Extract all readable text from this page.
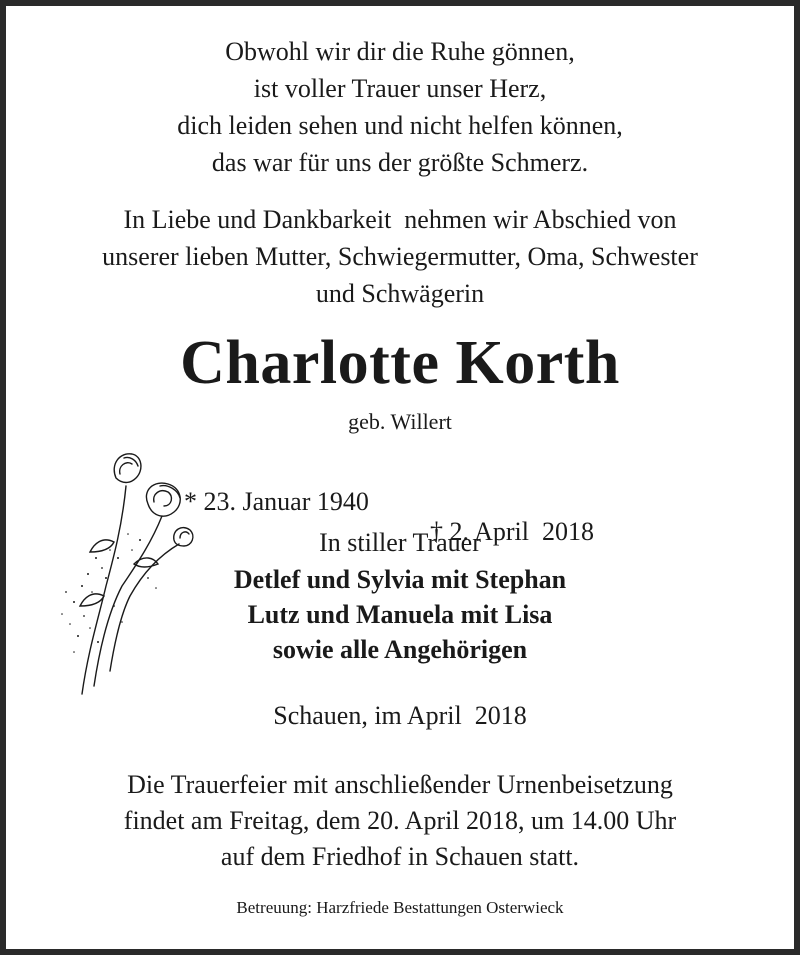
Obwohl wir dir die Ruhe gönnen,
ist voller Trauer unser Herz,
dich leiden sehen und nicht helfen können,
das war für uns der größte Schmerz.
In Liebe und Dankbarkeit  nehmen wir Abschied von
unserer lieben Mutter, Schwiegermutter, Oma, Schwester
und Schwägerin
Charlotte Korth
geb. Willert

* 23. Januar 1940

† 2. April  2018

In stiller Trauer
Detlef und Sylvia mit Stephan
Lutz und Manuela mit Lisa
sowie alle Angehörigen
Schauen, im April  2018
Die Trauerfeier mit anschließender Urnenbeisetzung
findet am Freitag, dem 20. April 2018, um 14.00 Uhr
auf dem Friedhof in Schauen statt.
Betreuung: Harzfriede Bestattungen Osterwieck
